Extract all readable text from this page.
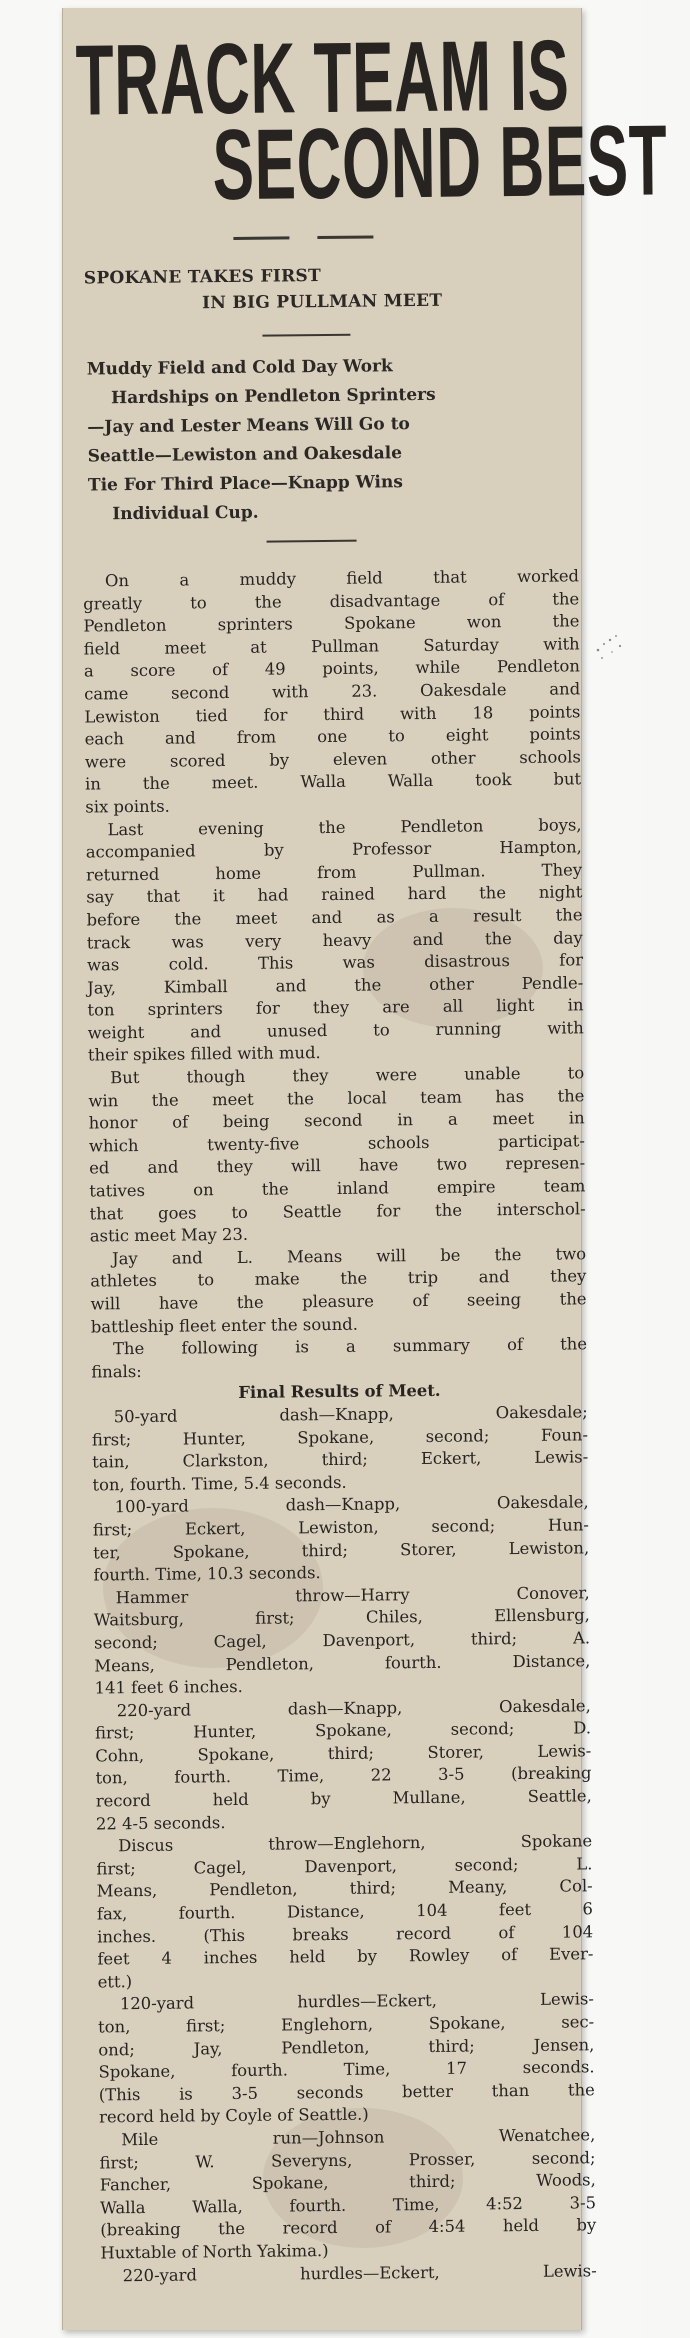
TRACK TEAM IS
SECOND BEST
SPOKANE TAKES FIRST
IN BIG PULLMAN MEET
Muddy Field and Cold Day Work
Hardships on Pendleton Sprinters
—Jay and Lester Means Will Go to
Seattle—Lewiston and Oakesdale
Tie For Third Place—Knapp Wins
Individual Cup.
On a muddy field that worked
greatly to the disadvantage of the
Pendleton sprinters Spokane won the
field meet at Pullman Saturday with
a score of 49 points, while Pendleton
came second with 23. Oakesdale and
Lewiston tied for third with 18 points
each and from one to eight points
were scored by eleven other schools
in the meet. Walla Walla took but
six points.
Last evening the Pendleton boys,
accompanied by Professor Hampton,
returned home from Pullman. They
say that it had rained hard the night
before the meet and as a result the
track was very heavy and the day
was cold. This was disastrous for
Jay, Kimball and the other Pendle-
ton sprinters for they are all light in
weight and unused to running with
their spikes filled with mud.
But though they were unable to
win the meet the local team has the
honor of being second in a meet in
which twenty-five schools participat-
ed and they will have two represen-
tatives on the inland empire team
that goes to Seattle for the interschol-
astic meet May 23.
Jay and L. Means will be the two
athletes to make the trip and they
will have the pleasure of seeing the
battleship fleet enter the sound.
The following is a summary of the
finals:
Final Results of Meet.
50-yard dash—Knapp, Oakesdale;
first; Hunter, Spokane, second; Foun-
tain, Clarkston, third; Eckert, Lewis-
ton, fourth. Time, 5.4 seconds.
100-yard dash—Knapp, Oakesdale,
first; Eckert, Lewiston, second; Hun-
ter, Spokane, third; Storer, Lewiston,
fourth. Time, 10.3 seconds.
Hammer throw—Harry Conover,
Waitsburg, first; Chiles, Ellensburg,
second; Cagel, Davenport, third; A.
Means, Pendleton, fourth. Distance,
141 feet 6 inches.
220-yard dash—Knapp, Oakesdale,
first; Hunter, Spokane, second; D.
Cohn, Spokane, third; Storer, Lewis-
ton, fourth. Time, 22 3-5 (breaking
record held by Mullane, Seattle,
22 4-5 seconds.
Discus throw—Englehorn, Spokane
first; Cagel, Davenport, second; L.
Means, Pendleton, third; Meany, Col-
fax, fourth. Distance, 104 feet 6
inches. (This breaks record of 104
feet 4 inches held by Rowley of Ever-
ett.)
120-yard hurdles—Eckert, Lewis-
ton, first; Englehorn, Spokane, sec-
ond; Jay, Pendleton, third; Jensen,
Spokane, fourth. Time, 17 seconds.
(This is 3-5 seconds better than the
record held by Coyle of Seattle.)
Mile run—Johnson Wenatchee,
first; W. Severyns, Prosser, second;
Fancher, Spokane, third; Woods,
Walla Walla, fourth. Time, 4:52 3-5
(breaking the record of 4:54 held by
Huxtable of North Yakima.)
220-yard hurdles—Eckert, Lewis-
